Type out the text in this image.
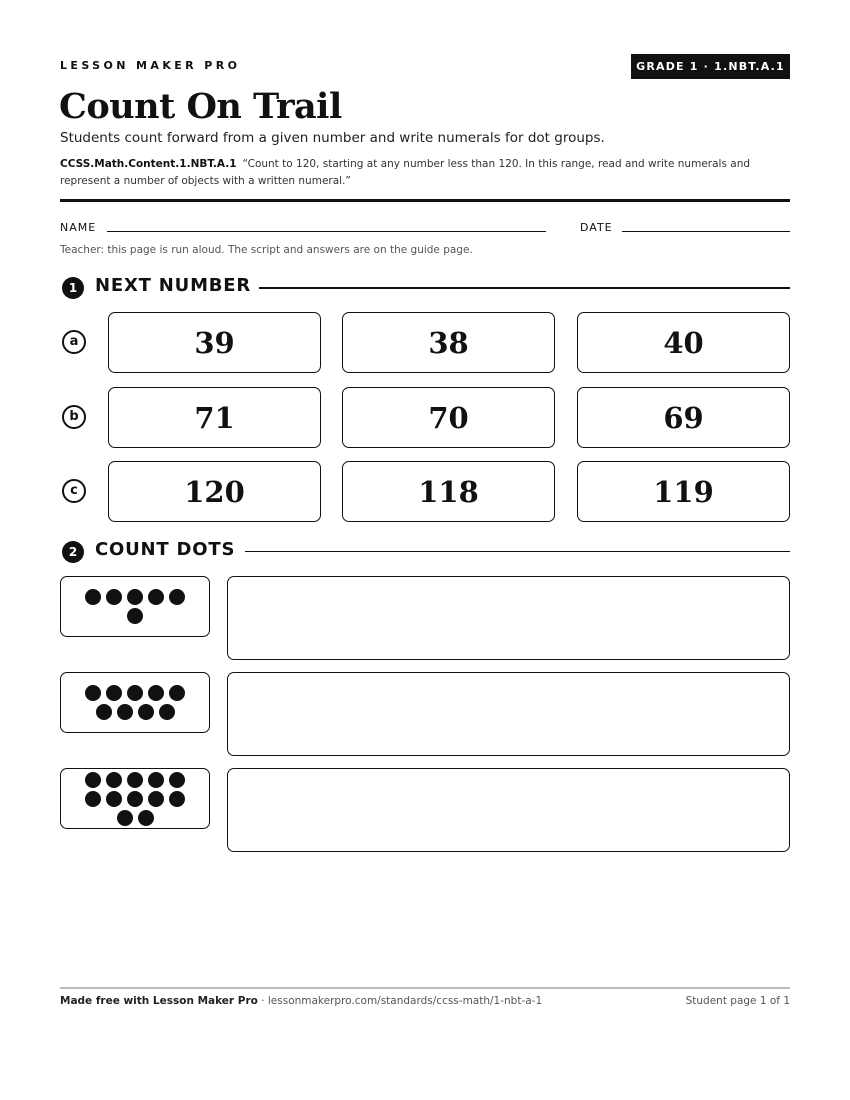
LESSON MAKER PRO	GRADE 1 · 1.NBT.A.1
Count On Trail
Students count forward from a given number and write numerals for dot groups.
CCSS.Math.Content.1.NBT.A.1 “Count to 120, starting at any number less than 120. In this range, read and write numerals and represent a number of objects with a written numeral.”
NAME	DATE
Teacher: this page is run aloud. The script and answers are on the guide page.
1 NEXT NUMBER
a	39	38	40
b	71	70	69
c	120	118	119
2 COUNT DOTS
Made free with Lesson Maker Pro · lessonmakerpro.com/standards/ccss-math/1-nbt-a-1	Student page 1 of 1
